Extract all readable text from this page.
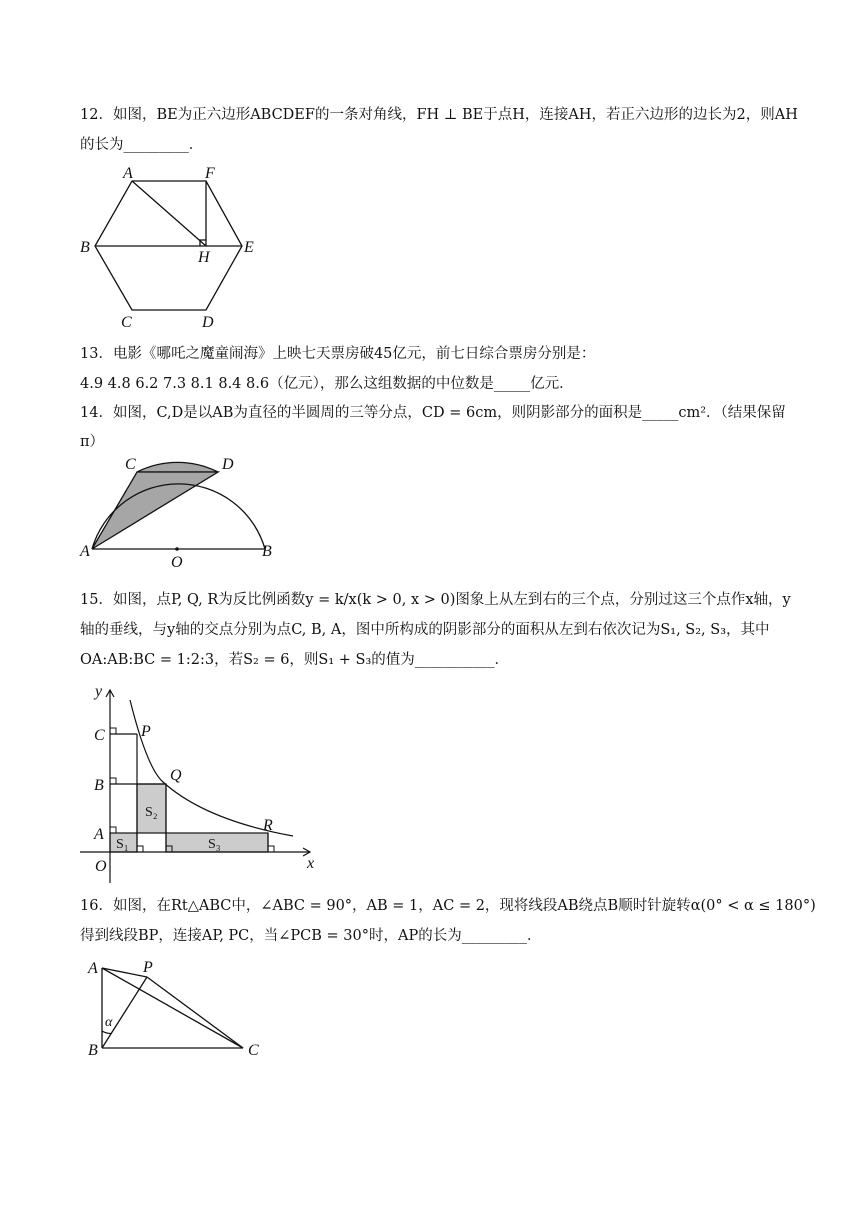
12．如图，BE为正六边形ABCDEF的一条对角线，FH ⊥ BE于点H，连接AH，若正六边形的边长为2，则AH
的长为_________．
A	F
B
H
E
C	D
13．电影《哪吒之魔童闹海》上映七天票房破45亿元，前七日综合票房分别是：
4.9 4.8 6.2 7.3 8.1 8.4 8.6（亿元），那么这组数据的中位数是_____亿元．
14．如图，C,D是以AB为直径的半圆周的三等分点，CD = 6cm，则阴影部分的面积是_____cm²．（结果保留
π）
C	D
A
O
B
15．如图，点P, Q, R为反比例函数y = k/x(k > 0, x > 0)图象上从左到右的三个点，分别过这三个点作x轴，y
轴的垂线，与y轴的交点分别为点C, B, A，图中所构成的阴影部分的面积从左到右依次记为S₁, S₂, S₃，其中
OA:AB:BC = 1:2:3，若S₂ = 6，则S₁ + S₃的值为___________．
y
C P
B
Q
S₂
A
R
S₁	S₃
O	x
16．如图，在Rt△ABC中，∠ABC = 90°，AB = 1，AC = 2，现将线段AB绕点B顺时针旋转α(0° < α ≤ 180°)
得到线段BP，连接AP, PC，当∠PCB = 30°时，AP的长为_________．
A	P
α
B	C
